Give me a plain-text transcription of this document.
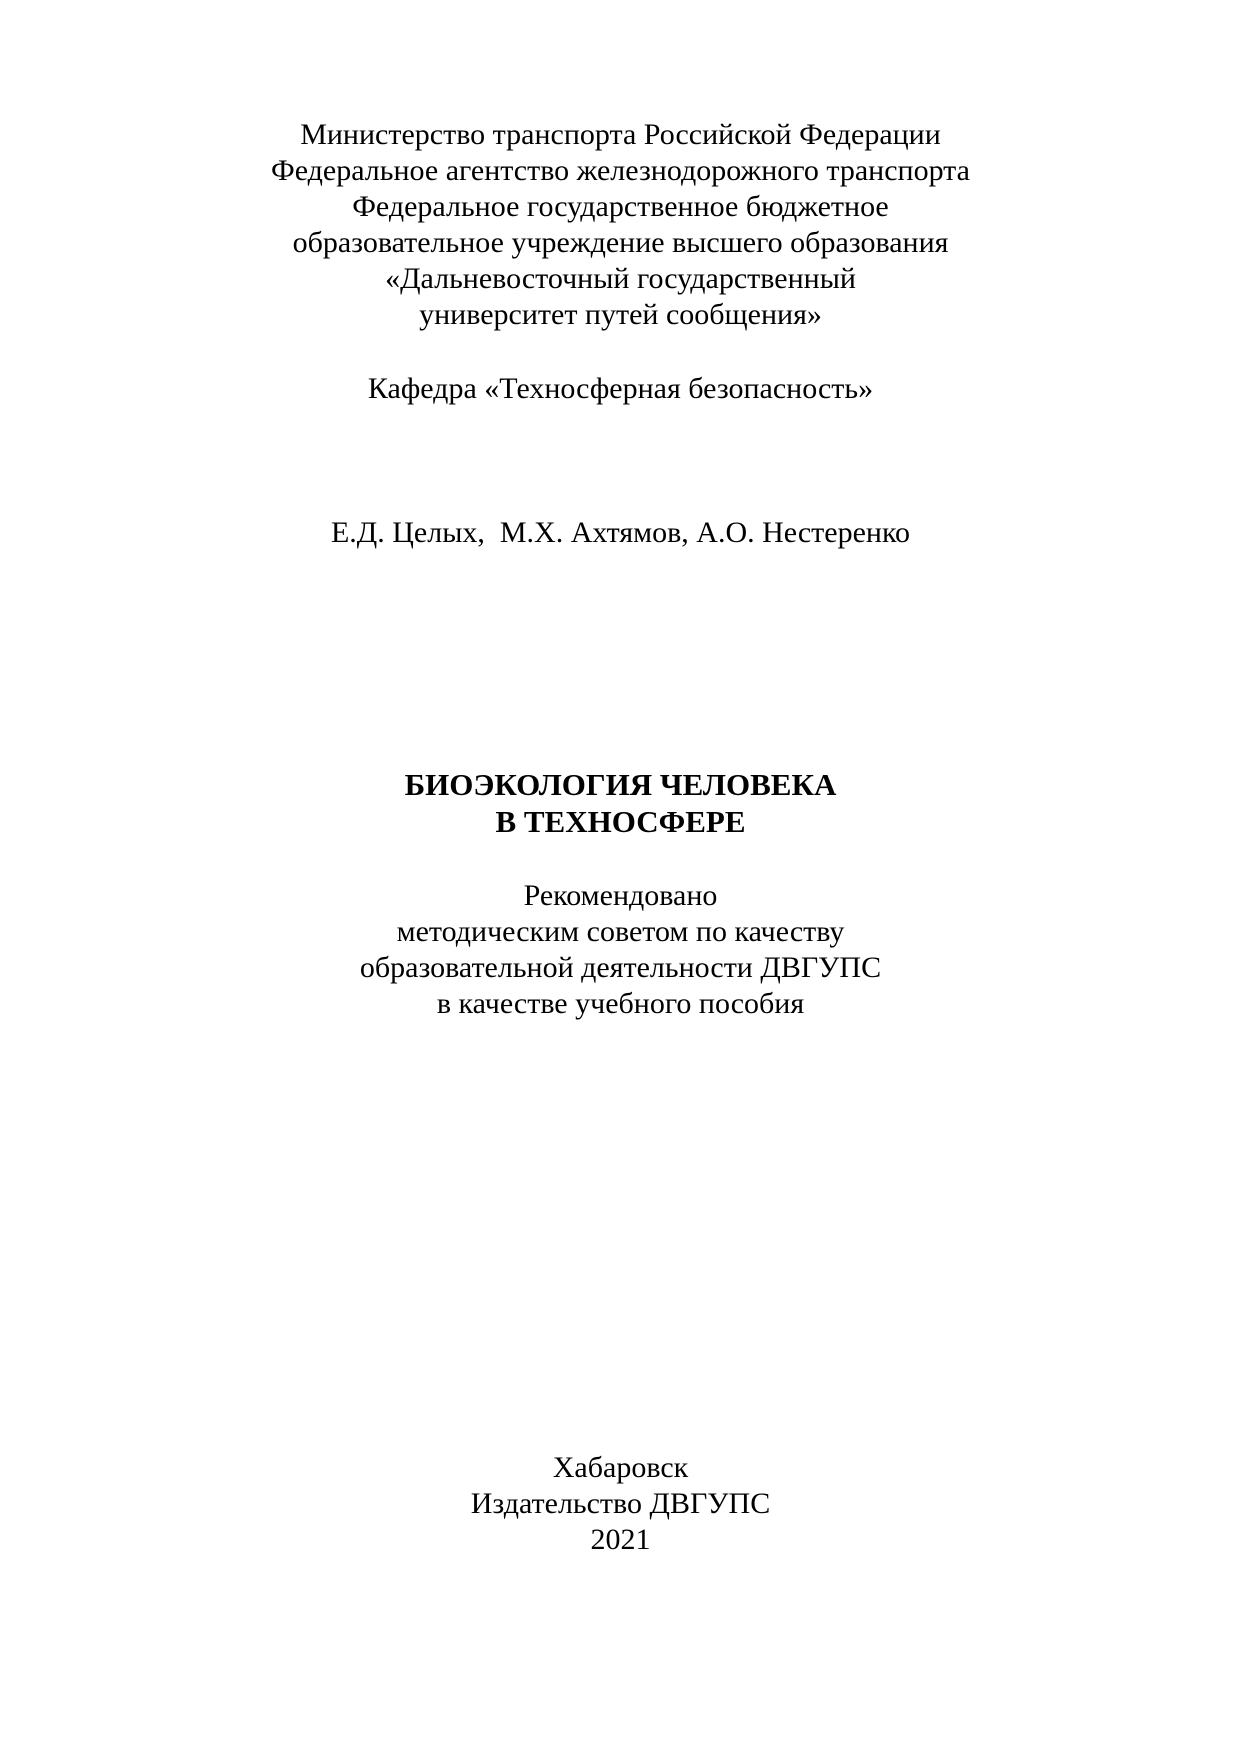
Министерство транспорта Российской Федерации
Федеральное агентство железнодорожного транспорта
Федеральное государственное бюджетное
образовательное учреждение высшего образования
«Дальневосточный государственный
университет путей сообщения»
Кафедра «Техносферная безопасность»
Е.Д. Целых,  М.Х. Ахтямов, А.О. Нестеренко
БИОЭКОЛОГИЯ ЧЕЛОВЕКА
В ТЕХНОСФЕРЕ
Рекомендовано
методическим советом по качеству
образовательной деятельности ДВГУПС
в качестве учебного пособия
Хабаровск
Издательство ДВГУПС
2021
